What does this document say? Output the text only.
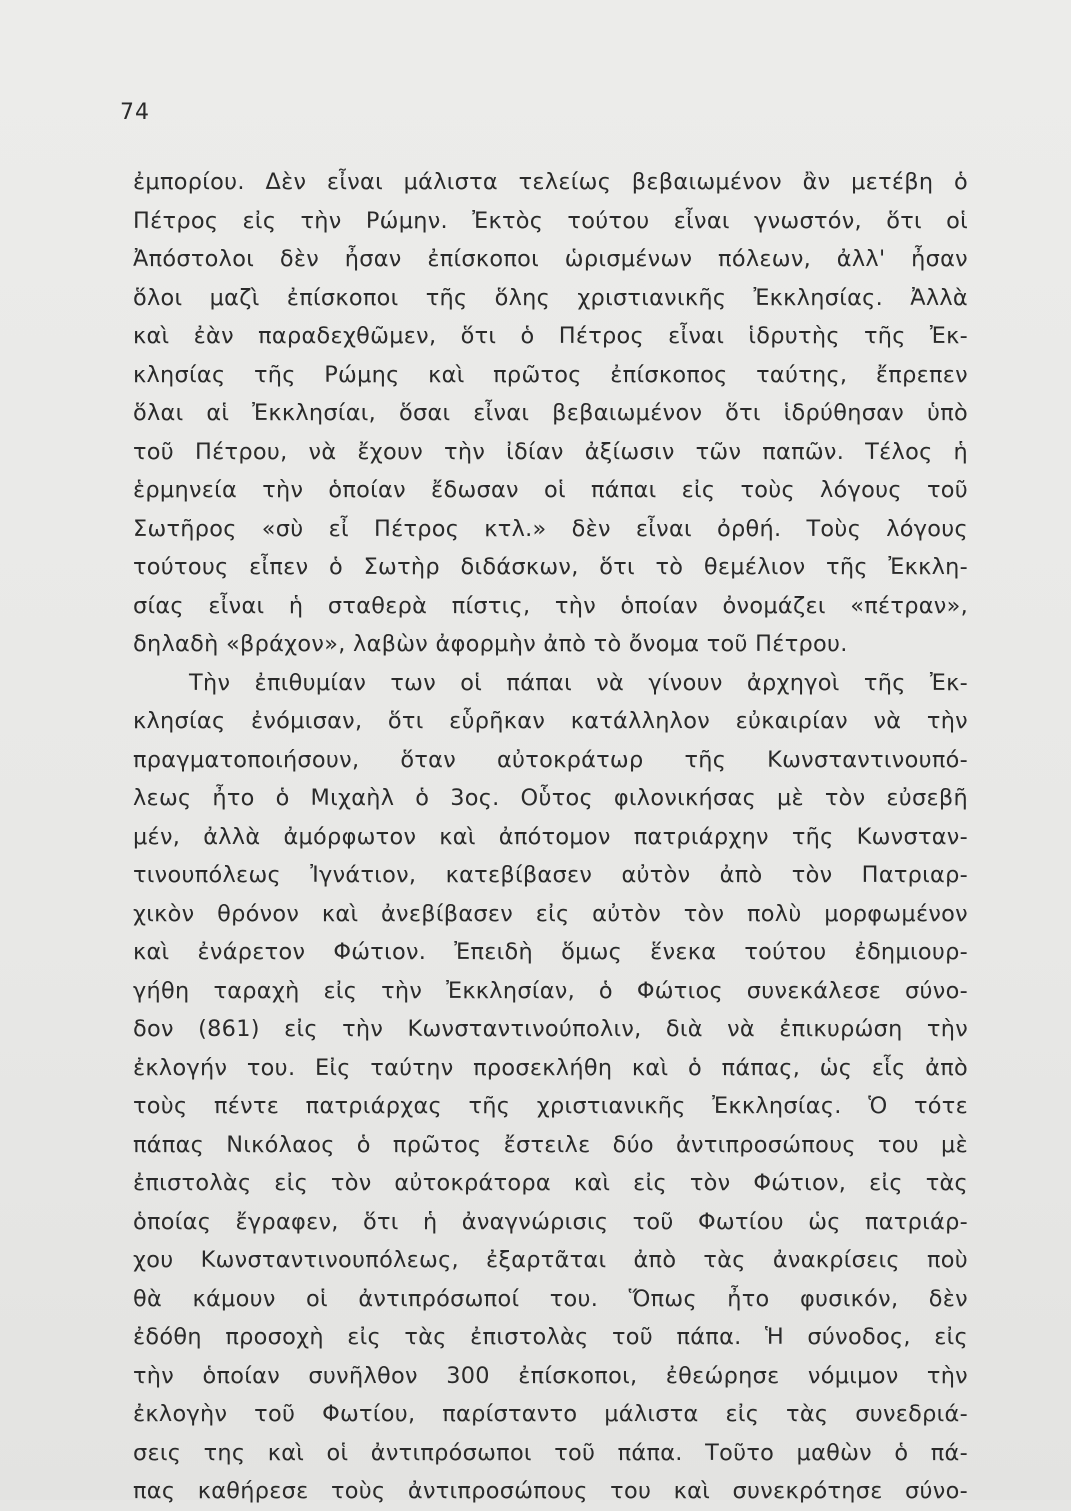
74
ἐμπορίου. Δὲν εἶναι μάλιστα τελείως βεβαιωμένον ἂν μετέβη ὁ
Πέτρος εἰς τὴν Ρώμην. Ἐκτὸς τούτου εἶναι γνωστόν, ὅτι οἱ
Ἀπόστολοι δὲν ἦσαν ἐπίσκοποι ὡρισμένων πόλεων, ἀλλ' ἦσαν
ὅλοι μαζὶ ἐπίσκοποι τῆς ὅλης χριστιανικῆς Ἐκκλησίας. Ἀλλὰ
καὶ ἐὰν παραδεχθῶμεν, ὅτι ὁ Πέτρος εἶναι ἱδρυτὴς τῆς Ἐκ-
κλησίας τῆς Ρώμης καὶ πρῶτος ἐπίσκοπος ταύτης, ἔπρεπεν
ὅλαι αἱ Ἐκκλησίαι, ὅσαι εἶναι βεβαιωμένον ὅτι ἱδρύθησαν ὑπὸ
τοῦ Πέτρου, νὰ ἔχουν τὴν ἰδίαν ἀξίωσιν τῶν παπῶν. Τέλος ἡ
ἑρμηνεία τὴν ὁποίαν ἔδωσαν οἱ πάπαι εἰς τοὺς λόγους τοῦ
Σωτῆρος «σὺ εἶ Πέτρος κτλ.» δὲν εἶναι ὀρθή. Τοὺς λόγους
τούτους εἶπεν ὁ Σωτὴρ διδάσκων, ὅτι τὸ θεμέλιον τῆς Ἐκκλη-
σίας εἶναι ἡ σταθερὰ πίστις, τὴν ὁποίαν ὀνομάζει «πέτραν»,
δηλαδὴ «βράχον», λαβὼν ἀφορμὴν ἀπὸ τὸ ὄνομα τοῦ Πέτρου.
Τὴν ἐπιθυμίαν των οἱ πάπαι νὰ γίνουν ἀρχηγοὶ τῆς Ἐκ-
κλησίας ἐνόμισαν, ὅτι εὗρῆκαν κατάλληλον εὐκαιρίαν νὰ τὴν
πραγματοποιήσουν, ὅταν αὐτοκράτωρ τῆς Κωνσταντινουπό-
λεως ἦτο ὁ Μιχαὴλ ὁ 3ος. Οὗτος φιλονικήσας μὲ τὸν εὐσεβῆ
μέν, ἀλλὰ ἀμόρφωτον καὶ ἀπότομον πατριάρχην τῆς Κωνσταν-
τινουπόλεως Ἰγνάτιον, κατεβίβασεν αὐτὸν ἀπὸ τὸν Πατριαρ-
χικὸν θρόνον καὶ ἀνεβίβασεν εἰς αὐτὸν τὸν πολὺ μορφωμένον
καὶ ἐνάρετον Φώτιον. Ἐπειδὴ ὅμως ἕνεκα τούτου ἐδημιουρ-
γήθη ταραχὴ εἰς τὴν Ἐκκλησίαν, ὁ Φώτιος συνεκάλεσε σύνο-
δον (861) εἰς τὴν Κωνσταντινούπολιν, διὰ νὰ ἐπικυρώση τὴν
ἐκλογήν του. Εἰς ταύτην προσεκλήθη καὶ ὁ πάπας, ὡς εἷς ἀπὸ
τοὺς πέντε πατριάρχας τῆς χριστιανικῆς Ἐκκλησίας. Ὁ τότε
πάπας Νικόλαος ὁ πρῶτος ἔστειλε δύο ἀντιπροσώπους του μὲ
ἐπιστολὰς εἰς τὸν αὐτοκράτορα καὶ εἰς τὸν Φώτιον, εἰς τὰς
ὁποίας ἔγραφεν, ὅτι ἡ ἀναγνώρισις τοῦ Φωτίου ὡς πατριάρ-
χου Κωνσταντινουπόλεως, ἐξαρτᾶται ἀπὸ τὰς ἀνακρίσεις ποὺ
θὰ κάμουν οἱ ἀντιπρόσωποί του. Ὅπως ἦτο φυσικόν, δὲν
ἐδόθη προσοχὴ εἰς τὰς ἐπιστολὰς τοῦ πάπα. Ἡ σύνοδος, εἰς
τὴν ὁποίαν συνῆλθον 300 ἐπίσκοποι, ἐθεώρησε νόμιμον τὴν
ἐκλογὴν τοῦ Φωτίου, παρίσταντο μάλιστα εἰς τὰς συνεδριά-
σεις της καὶ οἱ ἀντιπρόσωποι τοῦ πάπα. Τοῦτο μαθὼν ὁ πά-
πας καθήρεσε τοὺς ἀντιπροσώπους του καὶ συνεκρότησε σύνο-
